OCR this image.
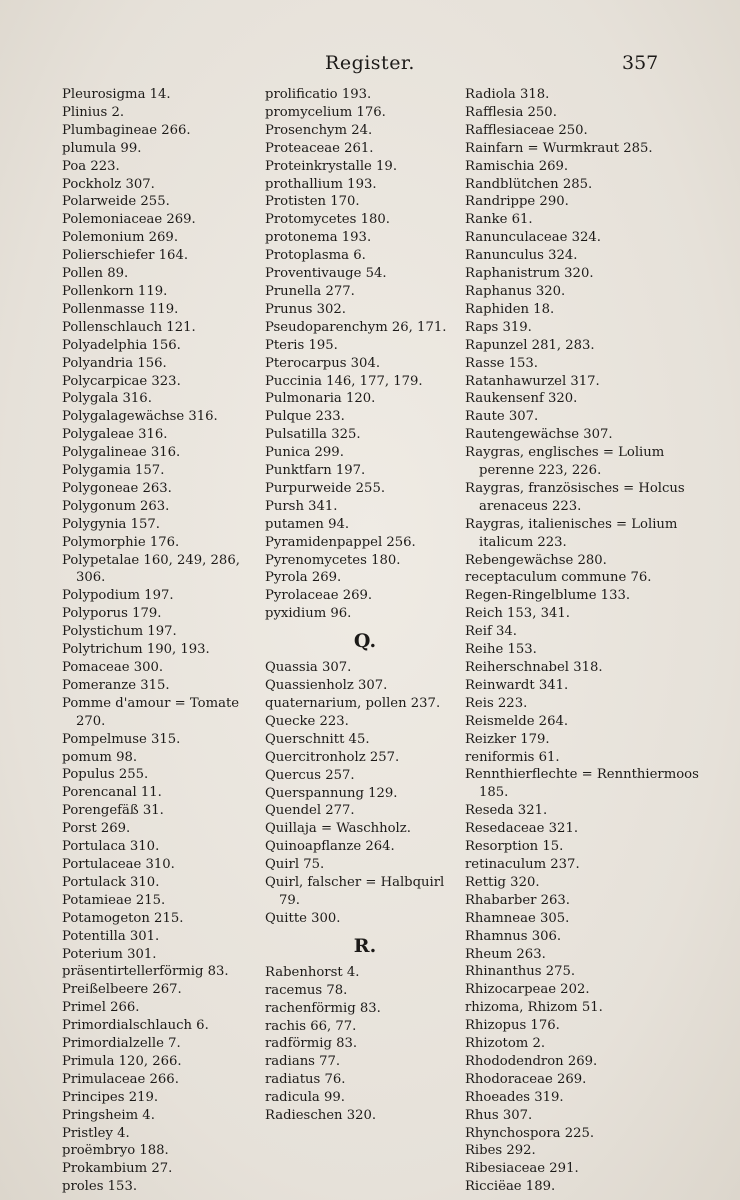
Register.	357
Pleurosigma 14.
Plinius 2.
Plumbagineae 266.
plumula 99.
Poa 223.
Pockholz 307.
Polarweide 255.
Polemoniaceae 269.
Polemonium 269.
Polierschiefer 164.
Pollen 89.
Pollenkorn 119.
Pollenmasse 119.
Pollenschlauch 121.
Polyadelphia 156.
Polyandria 156.
Polycarpicae 323.
Polygala 316.
Polygalagewächse 316.
Polygaleae 316.
Polygalineae 316.
Polygamia 157.
Polygoneae 263.
Polygonum 263.
Polygynia 157.
Polymorphie 176.
Polypetalae 160, 249, 286, 306.
Polypodium 197.
Polyporus 179.
Polystichum 197.
Polytrichum 190, 193.
Pomaceae 300.
Pomeranze 315.
Pomme d'amour = Tomate 270.
Pompelmuse 315.
pomum 98.
Populus 255.
Porencanal 11.
Porengefäß 31.
Porst 269.
Portulaca 310.
Portulaceae 310.
Portulack 310.
Potamieae 215.
Potamogeton 215.
Potentilla 301.
Poterium 301.
präsentirtellerförmig 83.
Preißelbeere 267.
Primel 266.
Primordialschlauch 6.
Primordialzelle 7.
Primula 120, 266.
Primulaceae 266.
Principes 219.
Pringsheim 4.
Pristley 4.
proëmbryo 188.
Prokambium 27.
proles 153.
prolificatio 193.
promycelium 176.
Prosenchym 24.
Proteaceae 261.
Proteinkrystalle 19.
prothallium 193.
Protisten 170.
Protomycetes 180.
protonema 193.
Protoplasma 6.
Proventivauge 54.
Prunella 277.
Prunus 302.
Pseudoparenchym 26, 171.
Pteris 195.
Pterocarpus 304.
Puccinia 146, 177, 179.
Pulmonaria 120.
Pulque 233.
Pulsatilla 325.
Punica 299.
Punktfarn 197.
Purpurweide 255.
Pursh 341.
putamen 94.
Pyramidenpappel 256.
Pyrenomycetes 180.
Pyrola 269.
Pyrolaceae 269.
pyxidium 96.
Q.
Quassia 307.
Quassienholz 307.
quaternarium, pollen 237.
Quecke 223.
Querschnitt 45.
Quercitronholz 257.
Quercus 257.
Querspannung 129.
Quendel 277.
Quillaja = Waschholz.
Quinoapflanze 264.
Quirl 75.
Quirl, falscher = Halbquirl 79.
Quitte 300.
R.
Rabenhorst 4.
racemus 78.
rachenförmig 83.
rachis 66, 77.
radförmig 83.
radians 77.
radiatus 76.
radicula 99.
Radieschen 320.
Radiola 318.
Rafflesia 250.
Rafflesiaceae 250.
Rainfarn = Wurmkraut 285.
Ramischia 269.
Randblütchen 285.
Randrippe 290.
Ranke 61.
Ranunculaceae 324.
Ranunculus 324.
Raphanistrum 320.
Raphanus 320.
Raphiden 18.
Raps 319.
Rapunzel 281, 283.
Rasse 153.
Ratanhawurzel 317.
Raukensenf 320.
Raute 307.
Rautengewächse 307.
Raygras, englisches = Lolium perenne 223, 226.
Raygras, französisches = Holcus arenaceus 223.
Raygras, italienisches = Lolium italicum 223.
Rebengewächse 280.
receptaculum commune 76.
Regen-Ringelblume 133.
Reich 153, 341.
Reif 34.
Reihe 153.
Reiherschnabel 318.
Reinwardt 341.
Reis 223.
Reismelde 264.
Reizker 179.
reniformis 61.
Rennthierflechte = Rennthiermoos 185.
Reseda 321.
Resedaceae 321.
Resorption 15.
retinaculum 237.
Rettig 320.
Rhabarber 263.
Rhamneae 305.
Rhamnus 306.
Rheum 263.
Rhinanthus 275.
Rhizocarpeae 202.
rhizoma, Rhizom 51.
Rhizopus 176.
Rhizotom 2.
Rhododendron 269.
Rhodoraceae 269.
Rhoeades 319.
Rhus 307.
Rhynchospora 225.
Ribes 292.
Ribesiaceae 291.
Ricciëae 189.
